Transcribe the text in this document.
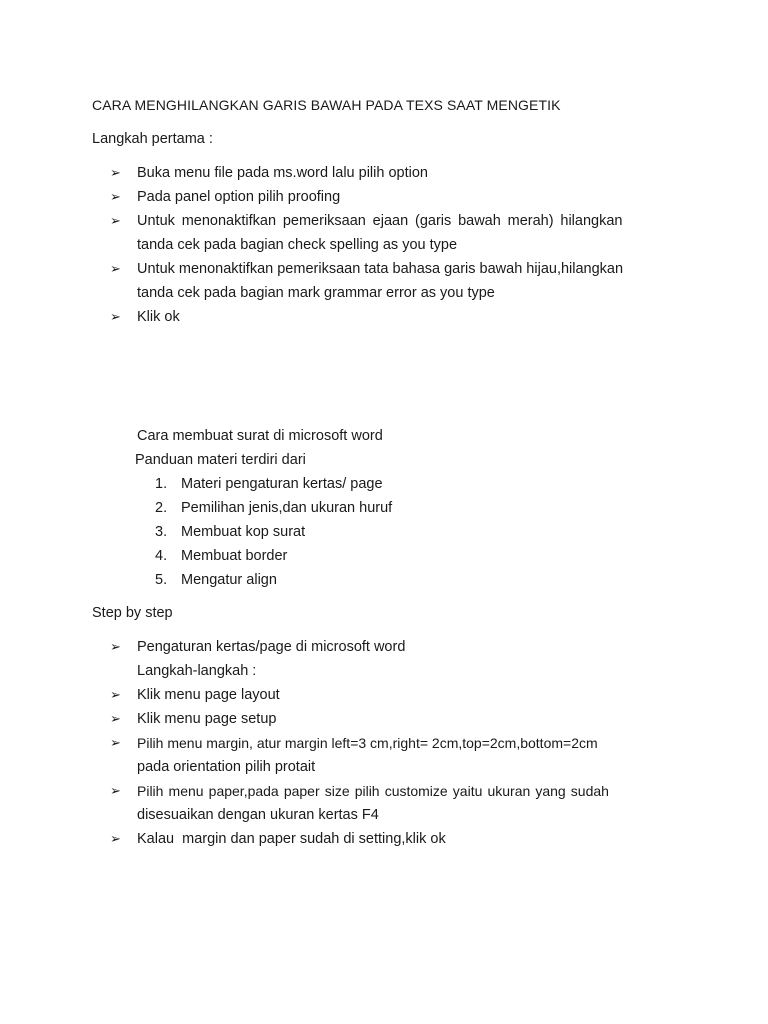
CARA MENGHILANGKAN GARIS BAWAH PADA TEXS SAAT MENGETIK
Langkah pertama :
➢	Buka menu file pada ms.word lalu pilih option
➢	Pada panel option pilih proofing
➢	Untuk menonaktifkan pemeriksaan ejaan (garis bawah merah) hilangkan
tanda cek pada bagian check spelling as you type
➢	Untuk menonaktifkan pemeriksaan tata bahasa garis bawah hijau,hilangkan
tanda cek pada bagian mark grammar error as you type
➢	Klik ok
Cara membuat surat di microsoft word
Panduan materi terdiri dari
1. Materi pengaturan kertas/ page
2. Pemilihan jenis,dan ukuran huruf
3. Membuat kop surat
4. Membuat border
5. Mengatur align
Step by step
➢	Pengaturan kertas/page di microsoft word
Langkah-langkah :
➢	Klik menu page layout
➢	Klik menu page setup
➢	Pilih menu margin, atur margin left=3 cm,right= 2cm,top=2cm,bottom=2cm
pada orientation pilih protait
➢	Pilih menu paper,pada paper size pilih customize yaitu ukuran yang sudah
disesuaikan dengan ukuran kertas F4
➢	Kalau  margin dan paper sudah di setting,klik ok
